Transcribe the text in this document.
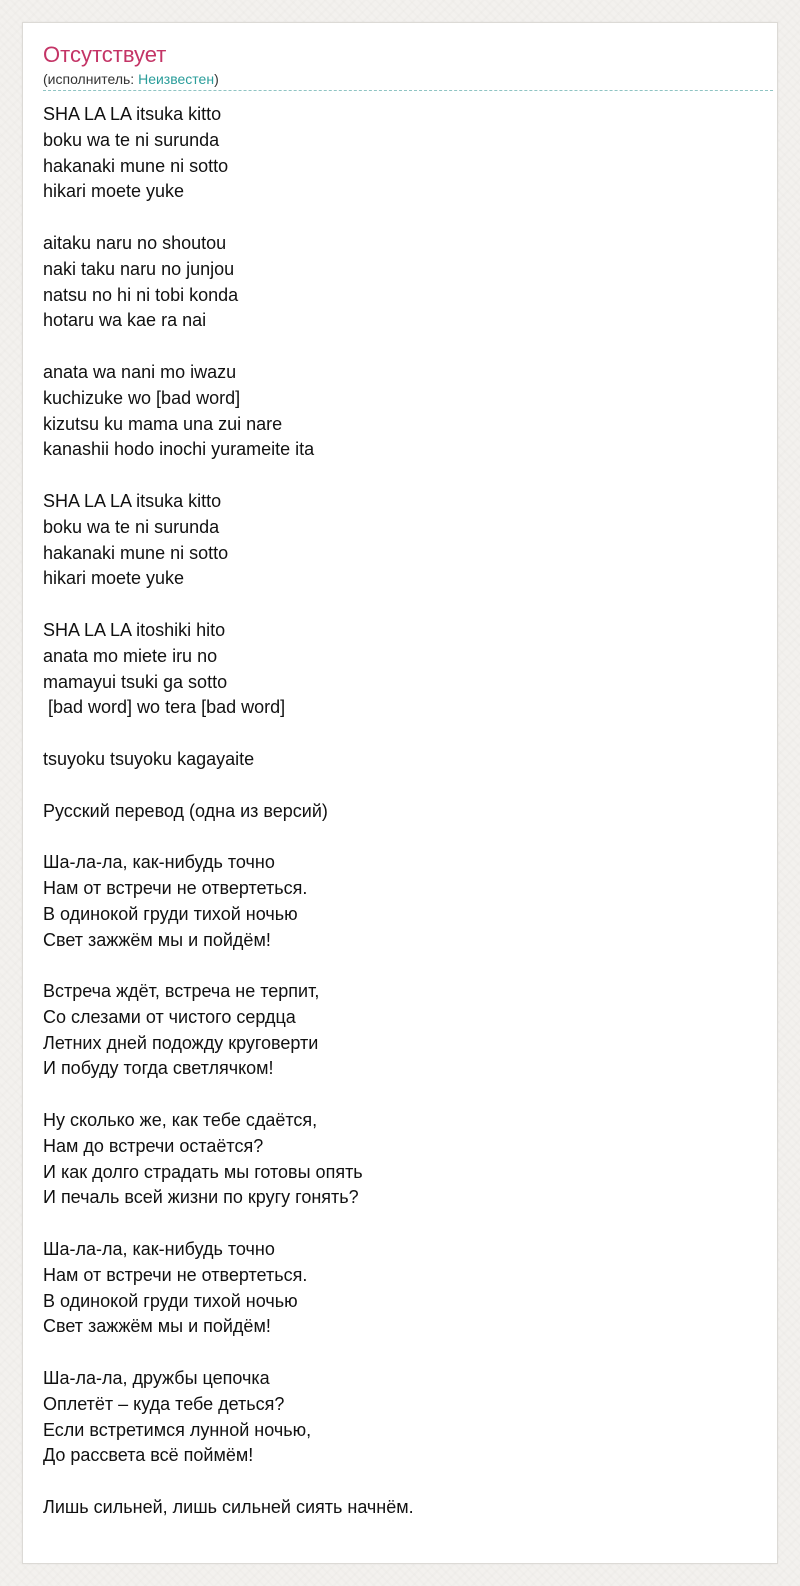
Отсутствует
(исполнитель: Неизвестен)
SHA LA LA itsuka kitto
boku wa te ni surunda
hakanaki mune ni sotto
hikari moete yuke
aitaku naru no shoutou
naki taku naru no junjou
natsu no hi ni tobi konda
hotaru wa kae ra nai
anata wa nani mo iwazu
kuchizuke wo [bad word]
kizutsu ku mama una zui nare
kanashii hodo inochi yurameite ita
SHA LA LA itsuka kitto
boku wa te ni surunda
hakanaki mune ni sotto
hikari moete yuke
SHA LA LA itoshiki hito
anata mo miete iru no
mamayui tsuki ga sotto
[bad word] wo tera [bad word]
tsuyoku tsuyoku kagayaite
Русский перевод (одна из версий)
Ша-ла-ла, как-нибудь точно
Нам от встречи не отвертеться.
В одинокой груди тихой ночью
Свет зажжём мы и пойдём!
Встреча ждёт, встреча не терпит,
Со слезами от чистого сердца
Летних дней подожду круговерти
И побуду тогда светлячком!
Ну сколько же, как тебе сдаётся,
Нам до встречи остаётся?
И как долго страдать мы готовы опять
И печаль всей жизни по кругу гонять?
Ша-ла-ла, как-нибудь точно
Нам от встречи не отвертеться.
В одинокой груди тихой ночью
Свет зажжём мы и пойдём!
Ша-ла-ла, дружбы цепочка
Оплетёт – куда тебе деться?
Если встретимся лунной ночью,
До рассвета всё поймём!
Лишь сильней, лишь сильней сиять начнём.
